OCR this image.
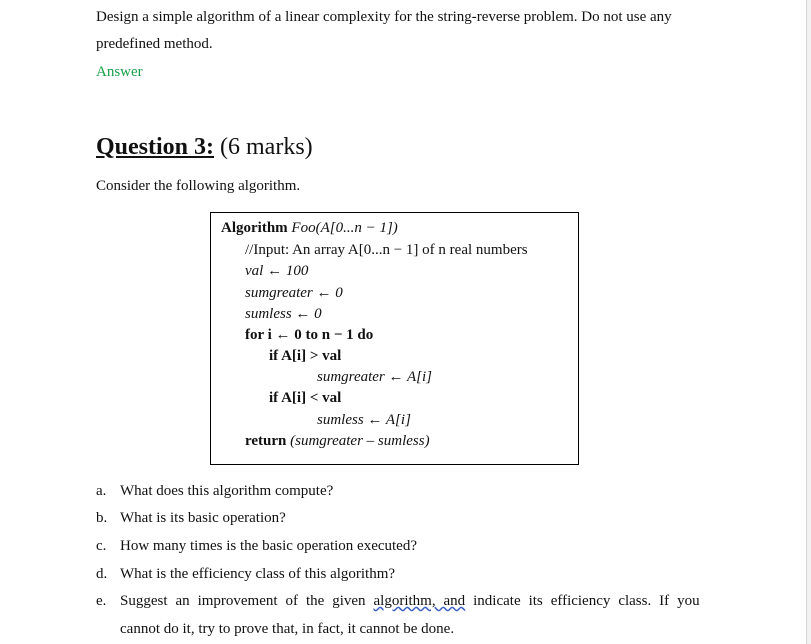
Design a simple algorithm of a linear complexity for the string-reverse problem. Do not use any
predefined method.
Answer
Question 3: (6 marks)
Consider the following algorithm.
Algorithm Foo(A[0...n − 1])
//Input: An array A[0...n − 1] of n real numbers
val ← 100
sumgreater ← 0
sumless ← 0
for i ← 0 to n − 1 do
if A[i] > val
sumgreater ← A[i]
if A[i] < val
sumless ← A[i]
return (sumgreater – sumless)
a. What does this algorithm compute?
b. What is its basic operation?
c. How many times is the basic operation executed?
d. What is the efficiency class of this algorithm?
e. Suggest an improvement of the given algorithm, and indicate its efficiency class. If you
cannot do it, try to prove that, in fact, it cannot be done.
